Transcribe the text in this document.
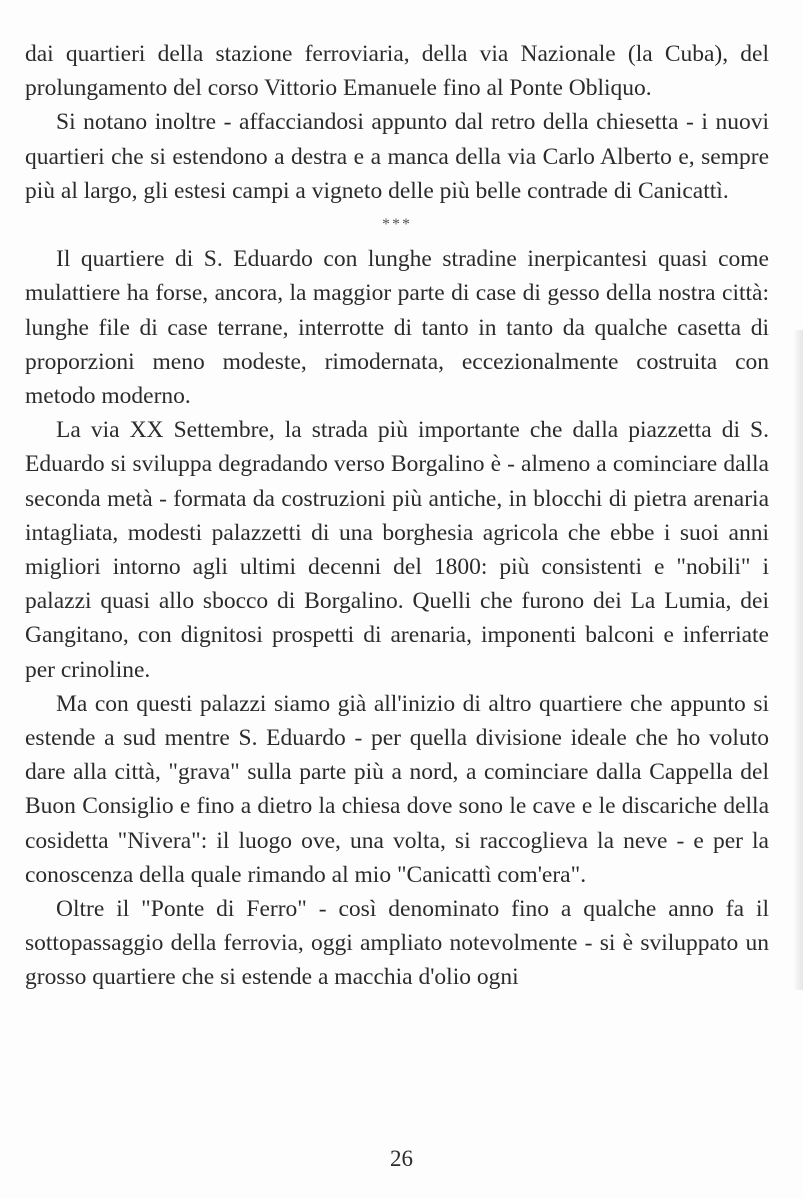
dai quartieri della stazione ferroviaria, della via Nazionale (la Cuba), del prolungamento del corso Vittorio Emanuele fino al Ponte Obliquo.

Si notano inoltre - affacciandosi appunto dal retro della chiesetta - i nuovi quartieri che si estendono a destra e a manca della via Carlo Alberto e, sempre più al largo, gli estesi campi a vigneto delle più belle contrade di Canicattì.

***

Il quartiere di S. Eduardo con lunghe stradine inerpicantesi quasi come mulattiere ha forse, ancora, la maggior parte di case di gesso della nostra città: lunghe file di case terrane, interrotte di tanto in tanto da qualche casetta di proporzioni meno modeste, rimodernata, eccezionalmente costruita con metodo moderno.

La via XX Settembre, la strada più importante che dalla piazzetta di S. Eduardo si sviluppa degradando verso Borgalino è - almeno a cominciare dalla seconda metà - formata da costruzioni più antiche, in blocchi di pietra arenaria intagliata, modesti palazzetti di una borghesia agricola che ebbe i suoi anni migliori intorno agli ultimi decenni del 1800: più consistenti e "nobili" i palazzi quasi allo sbocco di Borgalino. Quelli che furono dei La Lumia, dei Gangitano, con dignitosi prospetti di arenaria, imponenti balconi e inferriate per crinoline.

Ma con questi palazzi siamo già all'inizio di altro quartiere che appunto si estende a sud mentre S. Eduardo - per quella divisione ideale che ho voluto dare alla città, "grava" sulla parte più a nord, a cominciare dalla Cappella del Buon Consiglio e fino a dietro la chiesa dove sono le cave e le discariche della cosidetta "Nivera": il luogo ove, una volta, si raccoglieva la neve - e per la conoscenza della quale rimando al mio "Canicattì com'era".

Oltre il "Ponte di Ferro" - così denominato fino a qualche anno fa il sottopassaggio della ferrovia, oggi ampliato notevolmente - si è sviluppato un grosso quartiere che si estende a macchia d'olio ogni

26
